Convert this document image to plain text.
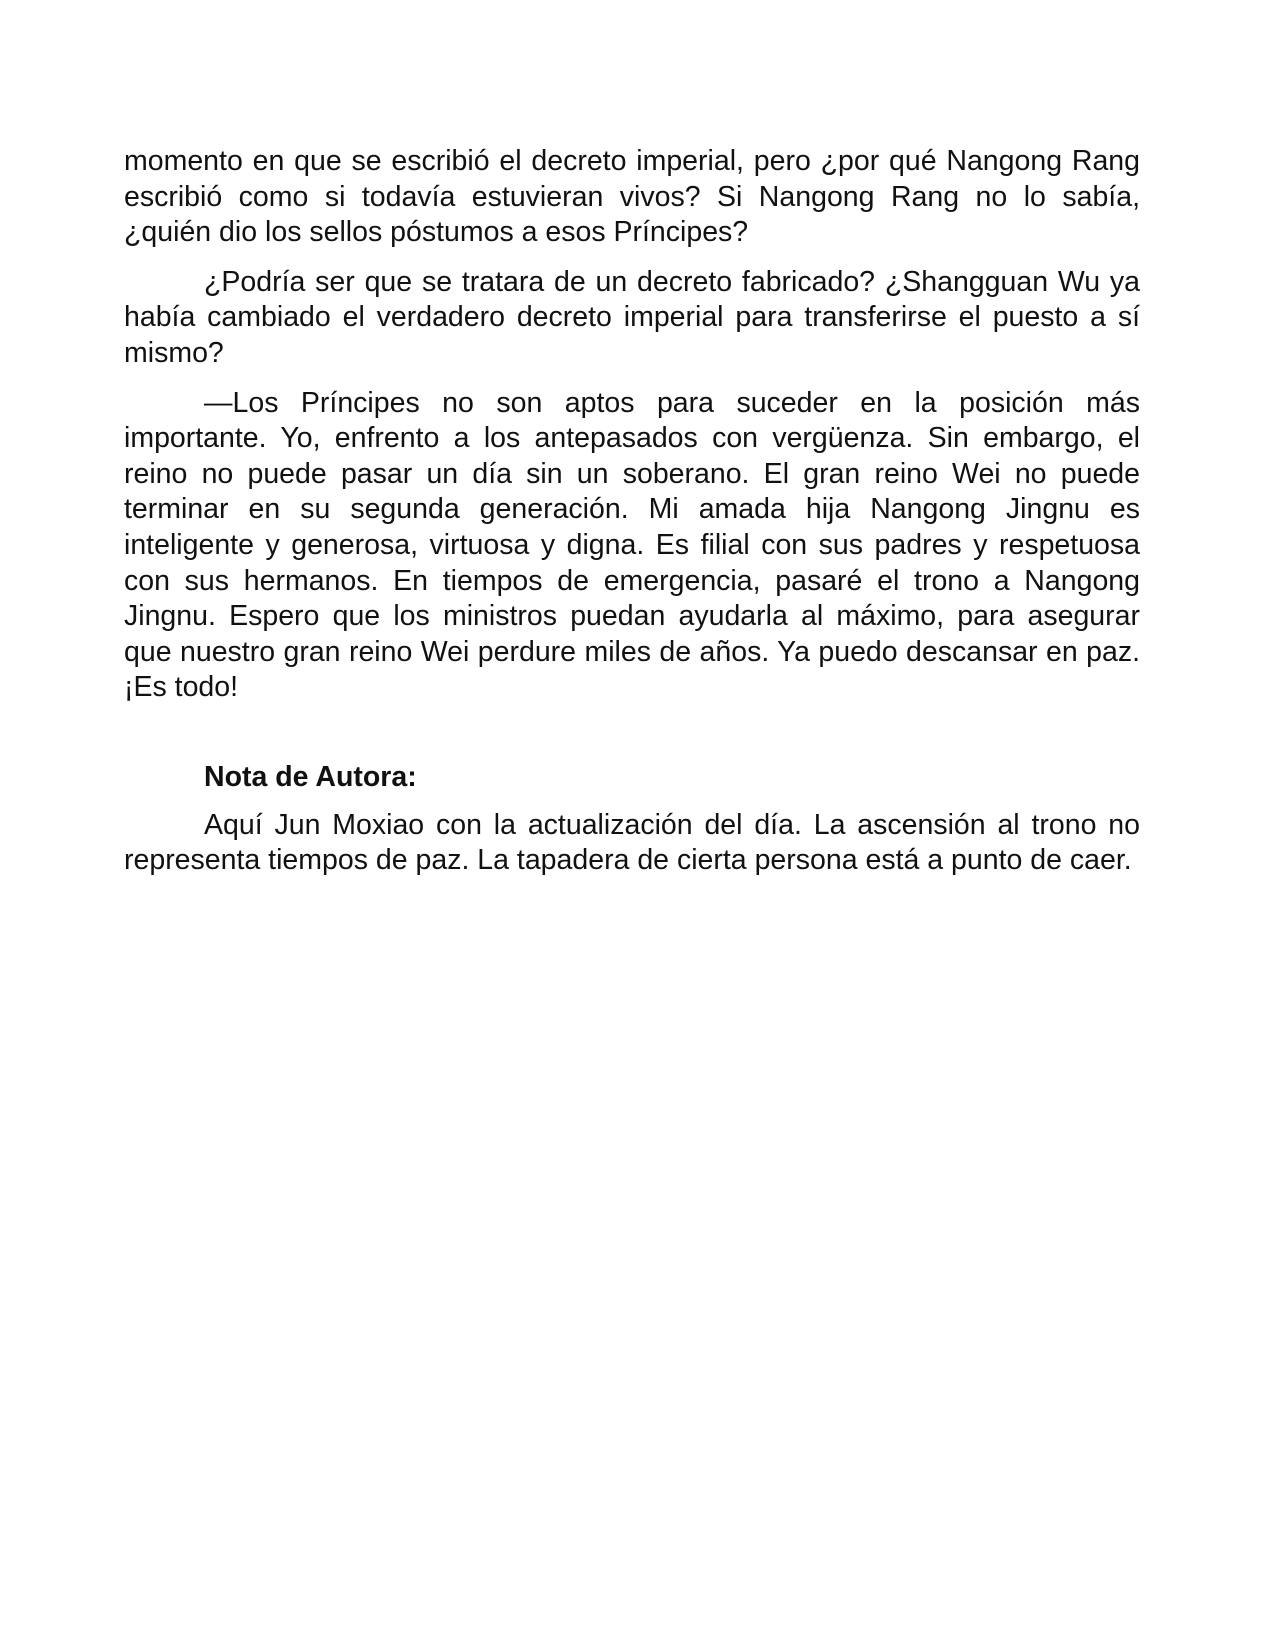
momento en que se escribió el decreto imperial, pero ¿por qué Nangong Rang escribió como si todavía estuvieran vivos? Si Nangong Rang no lo sabía, ¿quién dio los sellos póstumos a esos Príncipes?

¿Podría ser que se tratara de un decreto fabricado? ¿Shangguan Wu ya había cambiado el verdadero decreto imperial para transferirse el puesto a sí mismo?

—Los Príncipes no son aptos para suceder en la posición más importante. Yo, enfrento a los antepasados con vergüenza. Sin embargo, el reino no puede pasar un día sin un soberano. El gran reino Wei no puede terminar en su segunda generación. Mi amada hija Nangong Jingnu es inteligente y generosa, virtuosa y digna. Es filial con sus padres y respetuosa con sus hermanos. En tiempos de emergencia, pasaré el trono a Nangong Jingnu. Espero que los ministros puedan ayudarla al máximo, para asegurar que nuestro gran reino Wei perdure miles de años. Ya puedo descansar en paz. ¡Es todo!

Nota de Autora:

Aquí Jun Moxiao con la actualización del día. La ascensión al trono no representa tiempos de paz. La tapadera de cierta persona está a punto de caer.
